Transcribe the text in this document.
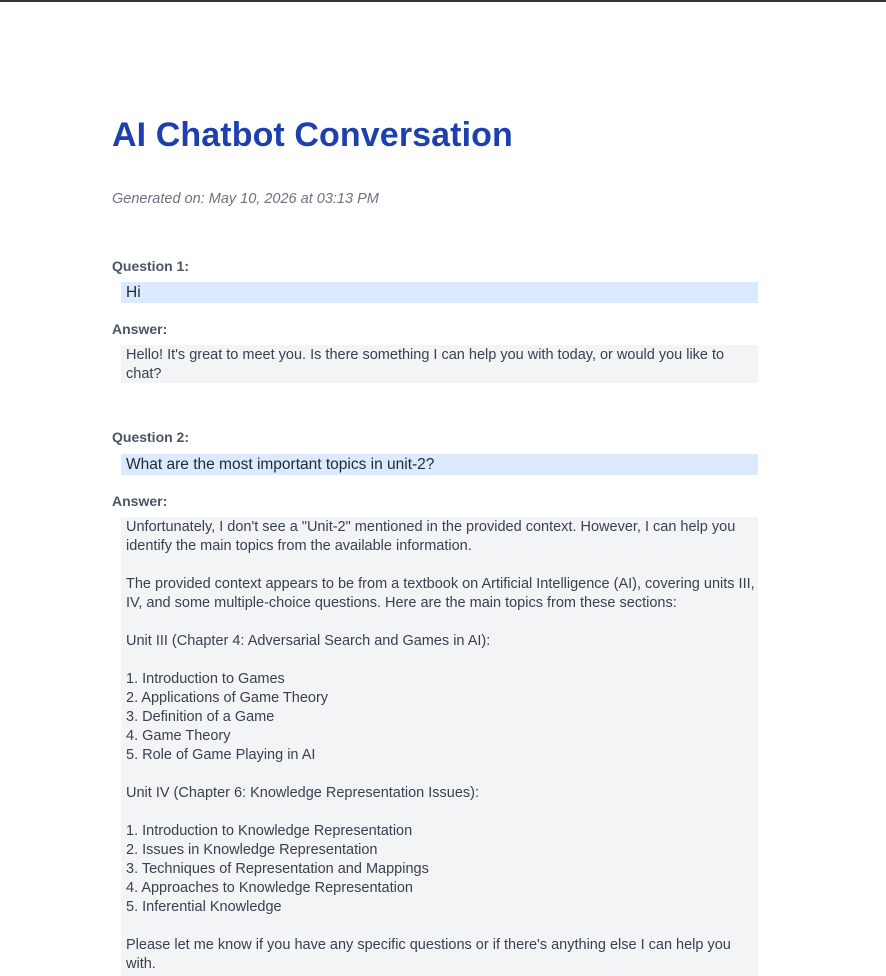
AI Chatbot Conversation
Generated on: May 10, 2026 at 03:13 PM
Question 1:
Hi
Answer:

Hello! It's great to meet you. Is there something I can help you with today, or would you like to chat?

Question 2:
What are the most important topics in unit-2?
Answer:

Unfortunately, I don't see a "Unit-2" mentioned in the provided context. However, I can help you identify the main topics from the available information.

The provided context appears to be from a textbook on Artificial Intelligence (AI), covering units III, IV, and some multiple-choice questions. Here are the main topics from these sections:

Unit III (Chapter 4: Adversarial Search and Games in AI):

1. Introduction to Games

2. Applications of Game Theory

3. Definition of a Game

4. Game Theory

5. Role of Game Playing in AI

Unit IV (Chapter 6: Knowledge Representation Issues):

1. Introduction to Knowledge Representation

2. Issues in Knowledge Representation

3. Techniques of Representation and Mappings

4. Approaches to Knowledge Representation

5. Inferential Knowledge

Please let me know if you have any specific questions or if there's anything else I can help you with.
